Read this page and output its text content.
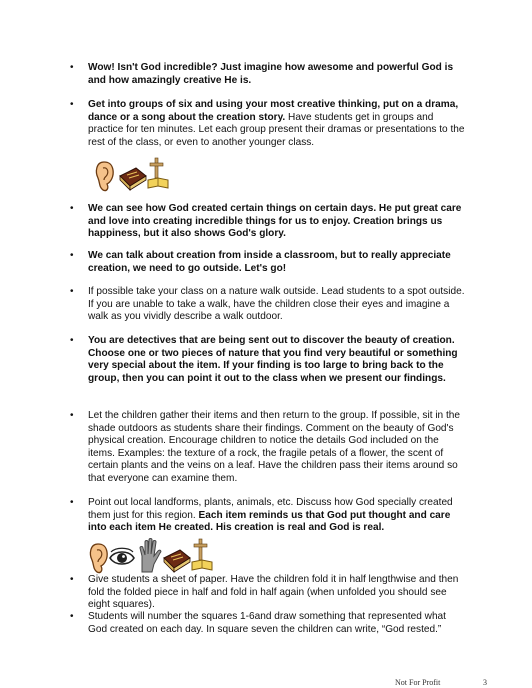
• Wow! Isn't God incredible? Just imagine how awesome and powerful God is and how amazingly creative He is.

• Get into groups of six and using your most creative thinking, put on a drama, dance or a song about the creation story. Have students get in groups and practice for ten minutes. Let each group present their dramas or presentations to the rest of the class, or even to another younger class.

• We can see how God created certain things on certain days. He put great care and love into creating incredible things for us to enjoy. Creation brings us happiness, but it also shows God's glory.

• We can talk about creation from inside a classroom, but to really appreciate creation, we need to go outside. Let's go!

• If possible take your class on a nature walk outside. Lead students to a spot outside. If you are unable to take a walk, have the children close their eyes and imagine a walk as you vividly describe a walk outdoor.

• You are detectives that are being sent out to discover the beauty of creation. Choose one or two pieces of nature that you find very beautiful or something very special about the item. If your finding is too large to bring back to the group, then you can point it out to the class when we present our findings.

• Let the children gather their items and then return to the group. If possible, sit in the shade outdoors as students share their findings. Comment on the beauty of God's physical creation. Encourage children to notice the details God included on the items. Examples: the texture of a rock, the fragile petals of a flower, the scent of certain plants and the veins on a leaf. Have the children pass their items around so that everyone can examine them.

• Point out local landforms, plants, animals, etc. Discuss how God specially created them just for this region. Each item reminds us that God put thought and care into each item He created. His creation is real and God is real.

• Give students a sheet of paper. Have the children fold it in half lengthwise and then fold the folded piece in half and fold in half again (when unfolded you should see eight squares).

• Students will number the squares 1-6and draw something that represented what God created on each day. In square seven the children can write, “God rested.”

Not For Profit	3
